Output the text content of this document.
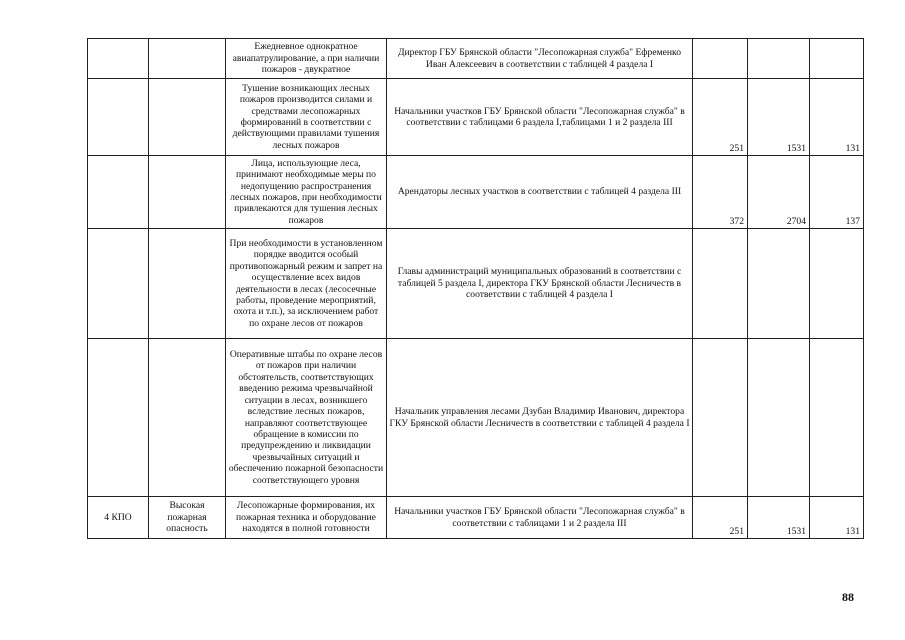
		Ежедневное однократное авиапатрулирование, а при наличии пожаров - двукратное	Директор ГБУ Брянской области "Лесопожарная служба" Ефременко Иван Алексеевич в соответствии с таблицей 4 раздела I			
		Тушение возникающих лесных пожаров производится силами и средствами лесопожарных формирований в соответствии с действующими правилами тушения лесных пожаров	Начальники участков ГБУ Брянской области "Лесопожарная служба" в соответствии с таблицами 6 раздела I,таблицами 1 и 2 раздела III	251	1531	131
		Лица, использующие леса, принимают необходимые меры по недопущению распространения лесных пожаров, при необходимости привлекаются для тушения лесных пожаров	Арендаторы лесных участков в соответствии с таблицей 4 раздела III	372	2704	137
		При необходимости в установленном порядке вводится особый противопожарный режим и запрет на осуществление всех видов деятельности в лесах (лесосечные работы, проведение мероприятий, охота и т.п.), за исключением работ по охране лесов от пожаров	Главы администраций муниципальных образований в соответствии с таблицей 5 раздела I, директора ГКУ Брянской области Лесничеств в соответствии с таблицей 4 раздела I			
		Оперативные штабы по охране лесов от пожаров при наличии обстоятельств, соответствующих введению режима чрезвычайной ситуации в лесах, возникшего вследствие лесных пожаров, направляют соответствующее обращение в комиссии по предупреждению и ликвидации чрезвычайных ситуаций и обеспечению пожарной безопасности соответствующего уровня	Начальник управления лесами Дзубан Владимир Иванович, директора ГКУ Брянской области Лесничеств в соответствии с таблицей 4 раздела I			
4 КПО	Высокая пожарная опасность	Лесопожарные формирования, их пожарная техника и оборудование находятся в полной готовности	Начальники участков ГБУ Брянской области "Лесопожарная служба" в соответствии с таблицами 1 и 2 раздела III	251	1531	131
88
